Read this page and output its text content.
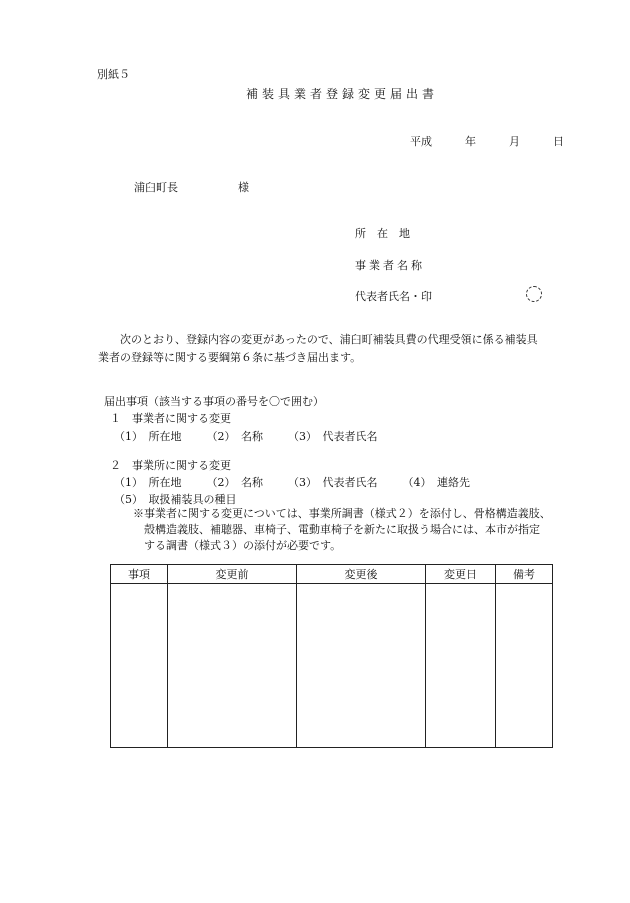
別紙５
補装具業者登録変更届出書
平成	年	月	日
浦臼町長	様
所　在　地
事業者名称
代表者氏名・印
次のとおり、登録内容の変更があったので、浦臼町補装具費の代理受領に係る補装具
業者の登録等に関する要綱第６条に基づき届出ます。
届出事項（該当する事項の番号を〇で囲む）
１　事業者に関する変更
（1）　所在地 （2）　名称 （3）　代表者氏名
２　事業所に関する変更
（1）　所在地 （2）　名称 （3）　代表者氏名 （4）　連絡先
（5）　取扱補装具の種目
※事業者に関する変更については、事業所調書（様式２）を添付し、骨格構造義肢、
殻構造義肢、補聴器、車椅子、電動車椅子を新たに取扱う場合には、本市が指定
する調書（様式３）の添付が必要です。
事項	変更前	変更後	変更日	備考
